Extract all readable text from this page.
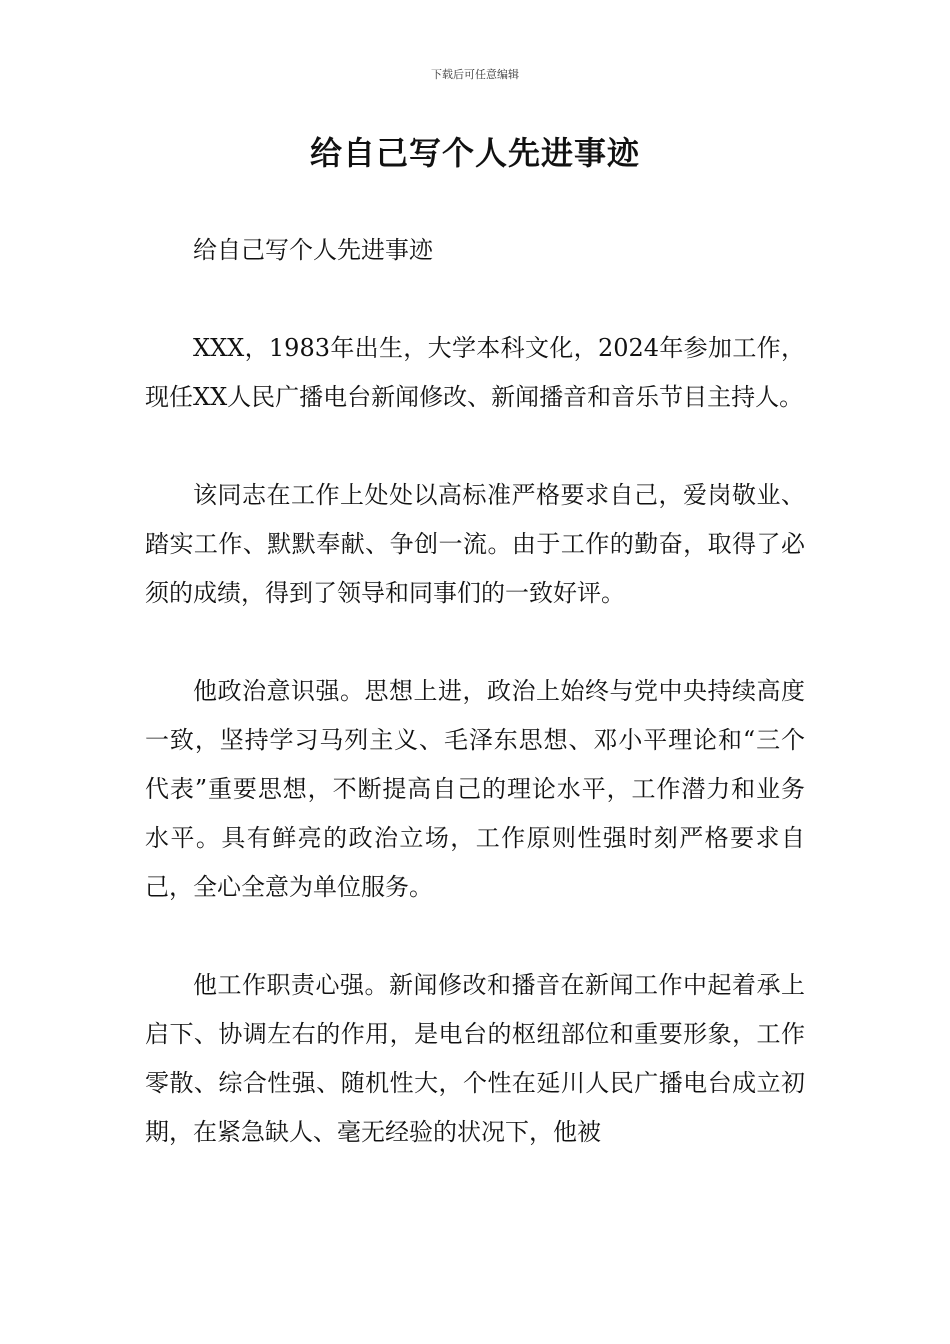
下载后可任意编辑
给自己写个人先进事迹

给自己写个人先进事迹

XXX，1983年出生，大学本科文化，2024年参加工作，现任XX人民广播电台新闻修改、新闻播音和音乐节目主持人。

该同志在工作上处处以高标准严格要求自己，爱岗敬业、踏实工作、默默奉献、争创一流。由于工作的勤奋，取得了必须的成绩，得到了领导和同事们的一致好评。

他政治意识强。思想上进，政治上始终与党中央持续高度一致，坚持学习马列主义、毛泽东思想、邓小平理论和“三个代表”重要思想，不断提高自己的理论水平，工作潜力和业务水平。具有鲜亮的政治立场，工作原则性强时刻严格要求自己，全心全意为单位服务。

他工作职责心强。新闻修改和播音在新闻工作中起着承上启下、协调左右的作用，是电台的枢纽部位和重要形象，工作零散、综合性强、随机性大，个性在延川人民广播电台成立初期，在紧急缺人、毫无经验的状况下，他被
